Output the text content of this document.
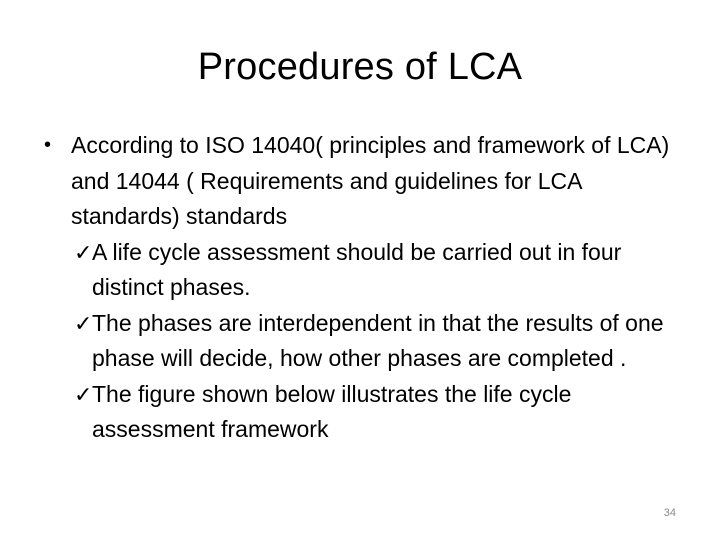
Procedures of LCA
• According to ISO 14040( principles and framework of LCA) and 14044 ( Requirements and guidelines for LCA standards) standards
✓ A life cycle assessment should be carried out in four distinct phases.
✓ The phases are interdependent in that the results of one phase will decide, how other phases are completed .
✓ The figure shown below illustrates the life cycle assessment framework
34
